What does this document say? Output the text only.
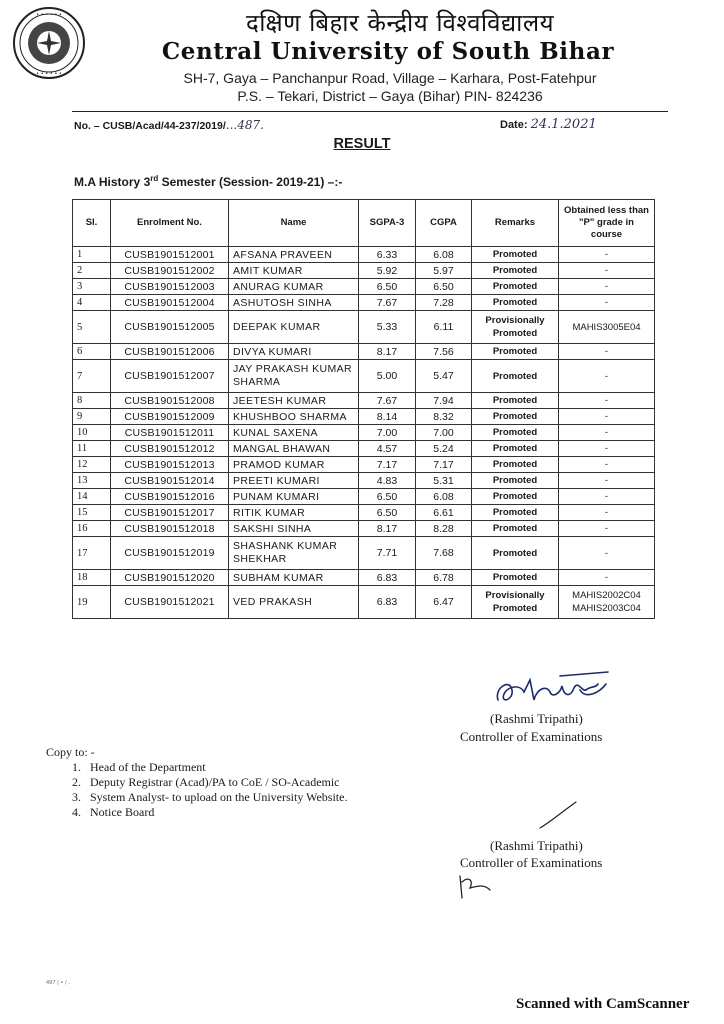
• • • • • •
• • • • • •
दक्षिण बिहार केन्द्रीय विश्वविद्यालय
Central University of South Bihar
SH-7, Gaya – Panchanpur Road, Village – Karhara, Post-Fatehpur
P.S. – Tekari, District – Gaya (Bihar) PIN- 824236
No. – CUSB/Acad/44-237/2019/...487.	Date: 24.1.2021
RESULT
M.A History 3rd Semester (Session- 2019-21) –:-
Sl.	Enrolment No.	Name	SGPA-3	CGPA	Remarks	Obtained less than "P" grade in course
1	CUSB1901512001	AFSANA PRAVEEN	6.33	6.08	Promoted	-
2	CUSB1901512002	AMIT KUMAR	5.92	5.97	Promoted	-
3	CUSB1901512003	ANURAG KUMAR	6.50	6.50	Promoted	-
4	CUSB1901512004	ASHUTOSH SINHA	7.67	7.28	Promoted	-
5	CUSB1901512005	DEEPAK KUMAR	5.33	6.11	Provisionally Promoted	MAHIS3005E04
6	CUSB1901512006	DIVYA KUMARI	8.17	7.56	Promoted	-
7	CUSB1901512007	JAY PRAKASH KUMAR SHARMA	5.00	5.47	Promoted	-
8	CUSB1901512008	JEETESH KUMAR	7.67	7.94	Promoted	-
9	CUSB1901512009	KHUSHBOO SHARMA	8.14	8.32	Promoted	-
10	CUSB1901512011	KUNAL SAXENA	7.00	7.00	Promoted	-
11	CUSB1901512012	MANGAL BHAWAN	4.57	5.24	Promoted	-
12	CUSB1901512013	PRAMOD KUMAR	7.17	7.17	Promoted	-
13	CUSB1901512014	PREETI KUMARI	4.83	5.31	Promoted	-
14	CUSB1901512016	PUNAM KUMARI	6.50	6.08	Promoted	-
15	CUSB1901512017	RITIK KUMAR	6.50	6.61	Promoted	-
16	CUSB1901512018	SAKSHI SINHA	8.17	8.28	Promoted	-
17	CUSB1901512019	SHASHANK KUMAR SHEKHAR	7.71	7.68	Promoted	-
18	CUSB1901512020	SUBHAM KUMAR	6.83	6.78	Promoted	-
19	CUSB1901512021	VED PRAKASH	6.83	6.47	Provisionally Promoted	MAHIS2002C04 MAHIS2003C04
(Rashmi Tripathi)
Controller of Examinations
Copy to: -
1. Head of the Department
2. Deputy Registrar (Acad)/PA to CoE / SO-Academic
3. System Analyst- to upload on the University Website.
4. Notice Board
(Rashmi Tripathi)
Controller of Examinations
497 | • / .
Scanned with CamScanner
